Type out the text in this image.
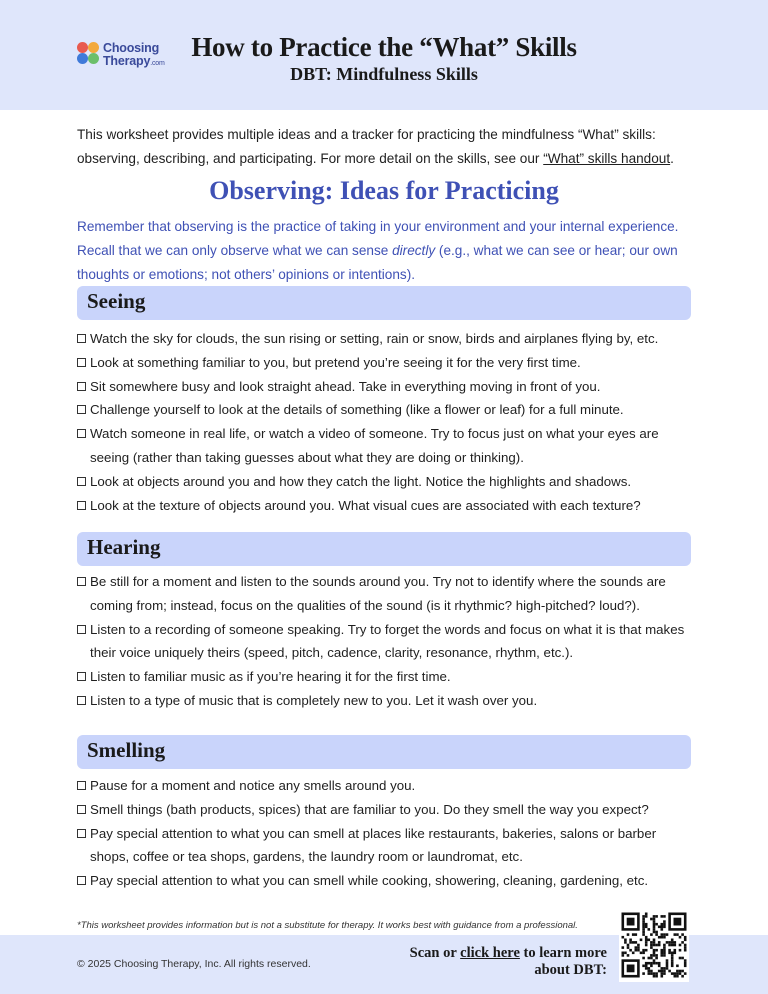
Choosing
Therapy.com
How to Practice the “What” Skills
DBT: Mindfulness Skills
This worksheet provides multiple ideas and a tracker for practicing the mindfulness “What” skills: observing, describing, and participating. For more detail on the skills, see our “What” skills handout.
Observing: Ideas for Practicing
Remember that observing is the practice of taking in your environment and your internal experience. Recall that we can only observe what we can sense directly (e.g., what we can see or hear; our own thoughts or emotions; not others’ opinions or intentions).
Seeing
Watch the sky for clouds, the sun rising or setting, rain or snow, birds and airplanes flying by, etc.
Look at something familiar to you, but pretend you’re seeing it for the very first time.
Sit somewhere busy and look straight ahead. Take in everything moving in front of you.
Challenge yourself to look at the details of something (like a flower or leaf) for a full minute.
Watch someone in real life, or watch a video of someone. Try to focus just on what your eyes are seeing (rather than taking guesses about what they are doing or thinking).
Look at objects around you and how they catch the light. Notice the highlights and shadows.
Look at the texture of objects around you. What visual cues are associated with each texture?
Hearing
Be still for a moment and listen to the sounds around you. Try not to identify where the sounds are coming from; instead, focus on the qualities of the sound (is it rhythmic? high-pitched? loud?).
Listen to a recording of someone speaking. Try to forget the words and focus on what it is that makes their voice uniquely theirs (speed, pitch, cadence, clarity, resonance, rhythm, etc.).
Listen to familiar music as if you’re hearing it for the first time.
Listen to a type of music that is completely new to you. Let it wash over you.
Smelling
Pause for a moment and notice any smells around you.
Smell things (bath products, spices) that are familiar to you. Do they smell the way you expect?
Pay special attention to what you can smell at places like restaurants, bakeries, salons or barber shops, coffee or tea shops, gardens, the laundry room or laundromat, etc.
Pay special attention to what you can smell while cooking, showering, cleaning, gardening, etc.
*This worksheet provides information but is not a substitute for therapy. It works best with guidance from a professional.
© 2025 Choosing Therapy, Inc. All rights reserved.
Scan or click here to learn more about DBT:
